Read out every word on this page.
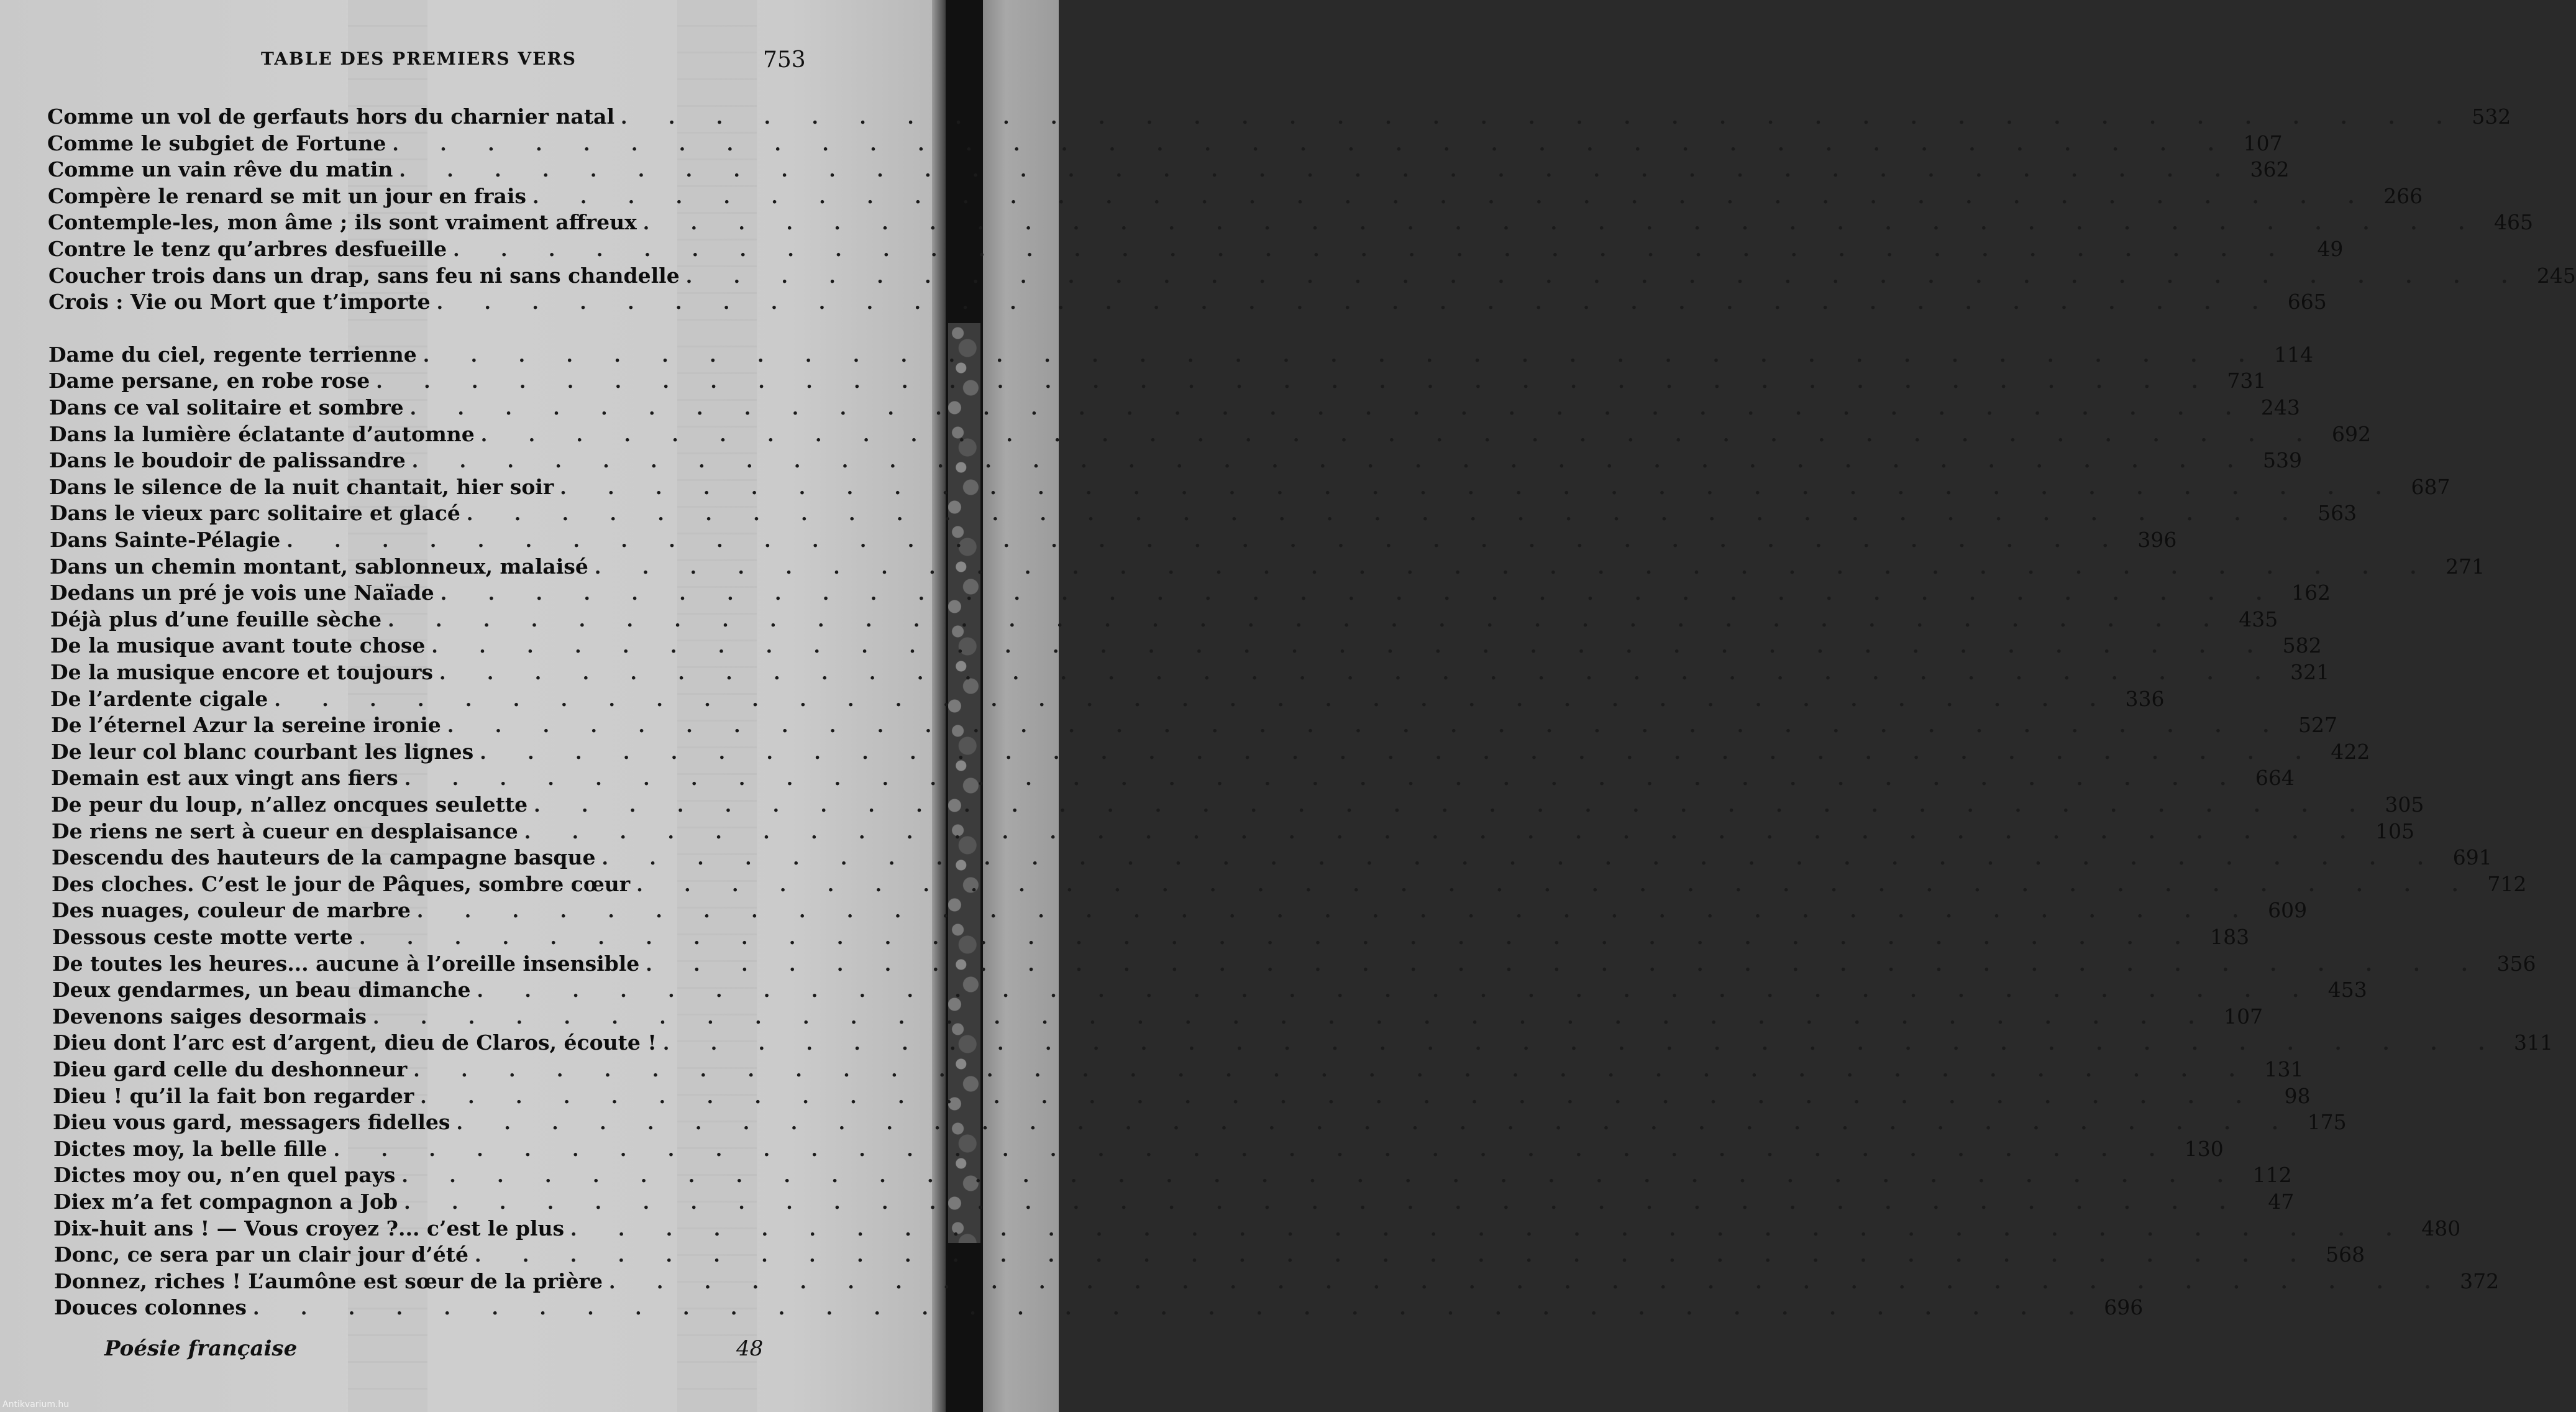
TABLE DES PREMIERS VERS	753
Comme un vol de gerfauts hors du charnier natal . . . . . . . . . . . . . . . . . . . . . . . . . . . . . . . . . . . . . . . 532
Comme le subgiet de Fortune . . . . . . . . . . . . . . . . . . . . . . . . . . . . . . . . . . . . . . . 107
Comme un vain rêve du matin . . . . . . . . . . . . . . . . . . . . . . . . . . . . . . . . . . . . . . . 362
Compère le renard se mit un jour en frais . . . . . . . . . . . . . . . . . . . . . . . . . . . . . . . . . . . . . . . 266
Contemple-les, mon âme ; ils sont vraiment affreux . . . . . . . . . . . . . . . . . . . . . . . . . . . . . . . . . . . . . . . 465
Contre le tenz qu’arbres desfueille . . . . . . . . . . . . . . . . . . . . . . . . . . . . . . . . . . . . . . .	49
Coucher trois dans un drap, sans feu ni sans chandelle . . . . . . . . . . . . . . . . . . . . . . . . . . . . . . . . . . . . . . . 245
Crois : Vie ou Mort que t’importe . . . . . . . . . . . . . . . . . . . . . . . . . . . . . . . . . . . . . . . 665
Dame du ciel, regente terrienne . . . . . . . . . . . . . . . . . . . . . . . . . . . . . . . . . . . . . . . 114
Dame persane, en robe rose . . . . . . . . . . . . . . . . . . . . . . . . . . . . . . . . . . . . . . . 731
Dans ce val solitaire et sombre . . . . . . . . . . . . . . . . . . . . . . . . . . . . . . . . . . . . . . . 243
Dans la lumière éclatante d’automne . . . . . . . . . . . . . . . . . . . . . . . . . . . . . . . . . . . . . . . 692
Dans le boudoir de palissandre . . . . . . . . . . . . . . . . . . . . . . . . . . . . . . . . . . . . . . . 539
Dans le silence de la nuit chantait, hier soir . . . . . . . . . . . . . . . . . . . . . . . . . . . . . . . . . . . . . . . 687
Dans le vieux parc solitaire et glacé . . . . . . . . . . . . . . . . . . . . . . . . . . . . . . . . . . . . . . . 563
Dans Sainte-Pélagie . . . . . . . . . . . . . . . . . . . . . . . . . . . . . . . . . . . . . . . 396
Dans un chemin montant, sablonneux, malaisé . . . . . . . . . . . . . . . . . . . . . . . . . . . . . . . . . . . . . . . 271
Dedans un pré je vois une Naïade . . . . . . . . . . . . . . . . . . . . . . . . . . . . . . . . . . . . . . . 162
Déjà plus d’une feuille sèche . . . . . . . . . . . . . . . . . . . . . . . . . . . . . . . . . . . . . . . 435
De la musique avant toute chose . . . . . . . . . . . . . . . . . . . . . . . . . . . . . . . . . . . . . . . 582
De la musique encore et toujours . . . . . . . . . . . . . . . . . . . . . . . . . . . . . . . . . . . . . . . 321
De l’ardente cigale . . . . . . . . . . . . . . . . . . . . . . . . . . . . . . . . . . . . . . . 336
De l’éternel Azur la sereine ironie . . . . . . . . . . . . . . . . . . . . . . . . . . . . . . . . . . . . . . . 527
De leur col blanc courbant les lignes . . . . . . . . . . . . . . . . . . . . . . . . . . . . . . . . . . . . . . . 422
Demain est aux vingt ans fiers . . . . . . . . . . . . . . . . . . . . . . . . . . . . . . . . . . . . . . . 664
De peur du loup, n’allez oncques seulette . . . . . . . . . . . . . . . . . . . . . . . . . . . . . . . . . . . . . . . 305
De riens ne sert à cueur en desplaisance . . . . . . . . . . . . . . . . . . . . . . . . . . . . . . . . . . . . . . . 105
Descendu des hauteurs de la campagne basque . . . . . . . . . . . . . . . . . . . . . . . . . . . . . . . . . . . . . . . 691
Des cloches. C’est le jour de Pâques, sombre cœur . . . . . . . . . . . . . . . . . . . . . . . . . . . . . . . . . . . . . . . 712
Des nuages, couleur de marbre . . . . . . . . . . . . . . . . . . . . . . . . . . . . . . . . . . . . . . . 609
Dessous ceste motte verte . . . . . . . . . . . . . . . . . . . . . . . . . . . . . . . . . . . . . . . 183
De toutes les heures... aucune à l’oreille insensible . . . . . . . . . . . . . . . . . . . . . . . . . . . . . . . . . . . . . . . 356
Deux gendarmes, un beau dimanche . . . . . . . . . . . . . . . . . . . . . . . . . . . . . . . . . . . . . . . 453
Devenons saiges desormais . . . . . . . . . . . . . . . . . . . . . . . . . . . . . . . . . . . . . . . 107
Dieu dont l’arc est d’argent, dieu de Claros, écoute ! . . . . . . . . . . . . . . . . . . . . . . . . . . . . . . . . . . . . . . . 311
Dieu gard celle du deshonneur . . . . . . . . . . . . . . . . . . . . . . . . . . . . . . . . . . . . . . . 131
Dieu ! qu’il la fait bon regarder . . . . . . . . . . . . . . . . . . . . . . . . . . . . . . . . . . . . . . .	98
Dieu vous gard, messagers fidelles . . . . . . . . . . . . . . . . . . . . . . . . . . . . . . . . . . . . . . . 175
Dictes moy, la belle fille . . . . . . . . . . . . . . . . . . . . . . . . . . . . . . . . . . . . . . . 130
Dictes moy ou, n’en quel pays . . . . . . . . . . . . . . . . . . . . . . . . . . . . . . . . . . . . . . . 112
Diex m’a fet compagnon a Job . . . . . . . . . . . . . . . . . . . . . . . . . . . . . . . . . . . . . . .	47
Dix-huit ans ! — Vous croyez ?... c’est le plus . . . . . . . . . . . . . . . . . . . . . . . . . . . . . . . . . . . . . . . 480
Donc, ce sera par un clair jour d’été . . . . . . . . . . . . . . . . . . . . . . . . . . . . . . . . . . . . . . . 568
Donnez, riches ! L’aumône est sœur de la prière . . . . . . . . . . . . . . . . . . . . . . . . . . . . . . . . . . . . . . . 372
Douces colonnes . . . . . . . . . . . . . . . . . . . . . . . . . . . . . . . . . . . . . . . 696
Poésie française	48
Antikvarium.hu
